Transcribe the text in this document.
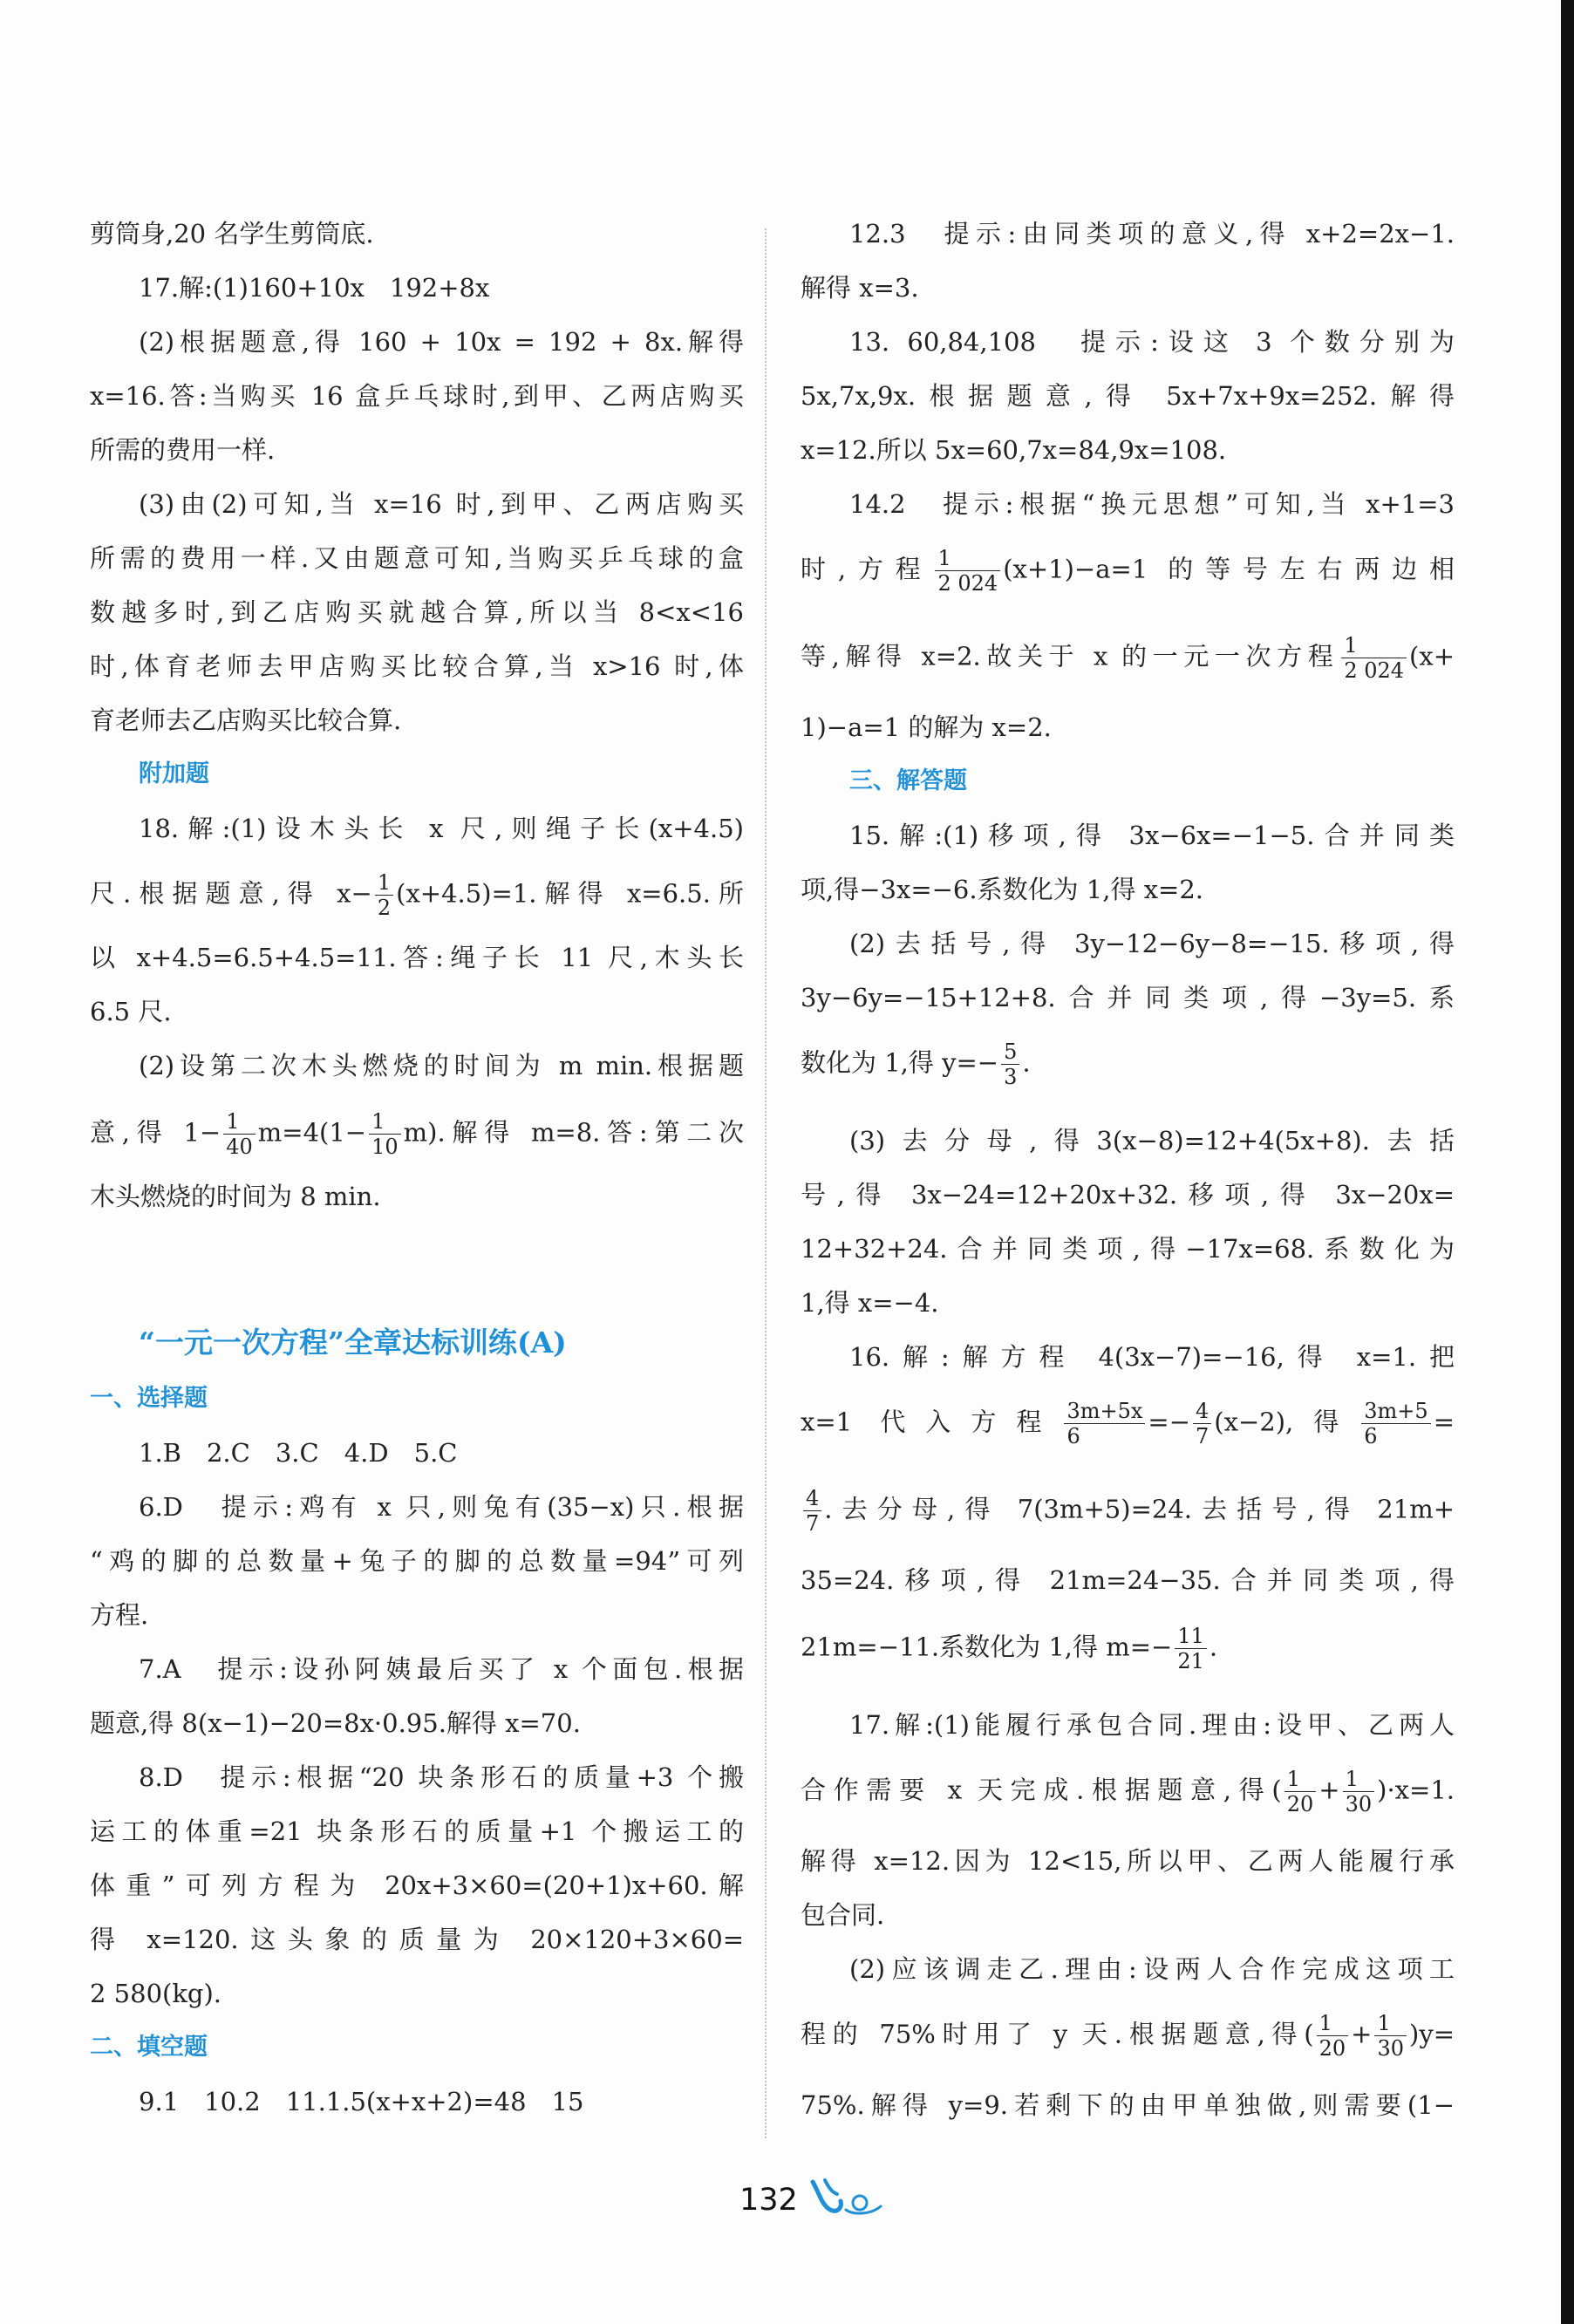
剪筒身,20 名学生剪筒底.
17.解:(1)160+10x　192+8x
(2)根据题意,得 160 + 10x = 192 + 8x.解得
x=16.答:当购买 16 盒乒乓球时,到甲、乙两店购买
所需的费用一样.
(3)由(2)可知,当 x=16 时,到甲、乙两店购买
所需的费用一样.又由题意可知,当购买乒乓球的盒
数越多时,到乙店购买就越合算,所以当 8<x<16
时,体育老师去甲店购买比较合算,当 x>16 时,体
育老师去乙店购买比较合算.
附加题
18.解:(1)设木头长 x 尺,则绳子长(x+4.5)
尺.根据题意,得 $x- \frac{1}{2} (x+4.5)=1$.解得 x=6.5.所
以 x+4.5=6.5+4.5=11.答:绳子长 11 尺,木头长
6.5 尺.
(2)设第二次木头燃烧的时间为 m min.根据题
意,得 $1- \frac{1}{40} m=4(1- \frac{1}{10} m)$.解得 m=8.答:第二次
木头燃烧的时间为 8 min.
“一元一次方程”全章达标训练(A)
一、选择题
1.B　2.C　3.C　4.D　5.C
6.D　提示:鸡有 x 只,则兔有(35−x)只.根据
“鸡的脚的总数量+兔子的脚的总数量=94”可列
方程.
7.A　提示:设孙阿姨最后买了 x 个面包.根据
题意,得 8(x−1)−20=8x·0.95.解得 x=70.
8.D　提示:根据“20 块条形石的质量+3 个搬
运工的体重=21 块条形石的质量+1 个搬运工的
体重”可列方程为 20x+3×60=(20+1)x+60.解
得 x=120.这头象的质量为 20×120+3×60=
2 580(kg).
二、填空题
9.1　10.2　11.1.5(x+x+2)=48　15
12.3　提示:由同类项的意义,得 x+2=2x−1.
解得 x=3.
13. 60,84,108　提示:设这 3 个数分别为
5x,7x,9x.根据题意,得 5x+7x+9x=252.解得
x=12.所以 5x=60,7x=84,9x=108.
14.2　提示:根据“换元思想”可知,当 x+1=3
时,方程 $\frac{1}{2 024} (x+1)-a=1$ 的等号左右两边相
等,解得 x=2.故关于 x 的一元一次方程 $\frac{1}{2 024} (x+$
1)−a=1 的解为 x=2.
三、解答题
15.解:(1)移项,得 3x−6x=−1−5.合并同类
项,得−3x=−6.系数化为 1,得 x=2.
(2)去括号,得 3y−12−6y−8=−15.移项,得
3y−6y=−15+12+8.合并同类项,得−3y=5.系
数化为 1,得 $y=- \frac{5}{3}$ .
(3)去分母,得3(x−8)=12+4(5x+8).去括
号,得 3x−24=12+20x+32.移项,得 3x−20x=
12+32+24.合并同类项,得−17x=68.系数化为
1,得 x=−4.
16.解:解方程 4(3x−7)=−16,得 x=1.把
x=1 代入方程 $\frac{3m+5x}{6} =- \frac{4}{7} (x-2)$,得 $\frac{3m+5}{6}$ =
$\frac{4}{7}$ .去分母,得 7(3m+5)=24.去括号,得 21m+
35=24.移项,得 21m=24−35.合并同类项,得
21m=−11.系数化为 1,得 $m=- \frac{11}{21}$ .
17.解:(1)能履行承包合同.理由:设甲、乙两人
合作需要 x 天完成.根据题意,得( $\frac{1}{20} + \frac{1}{30} )\cdot x=1$.
解得 x=12.因为 12<15,所以甲、乙两人能履行承
包合同.
(2)应该调走乙.理由:设两人合作完成这项工
程的 75%时用了 y 天.根据题意,得( $\frac{1}{20} + \frac{1}{30} )y=$
75%.解得 y=9.若剩下的由甲单独做,则需要(1−
132
